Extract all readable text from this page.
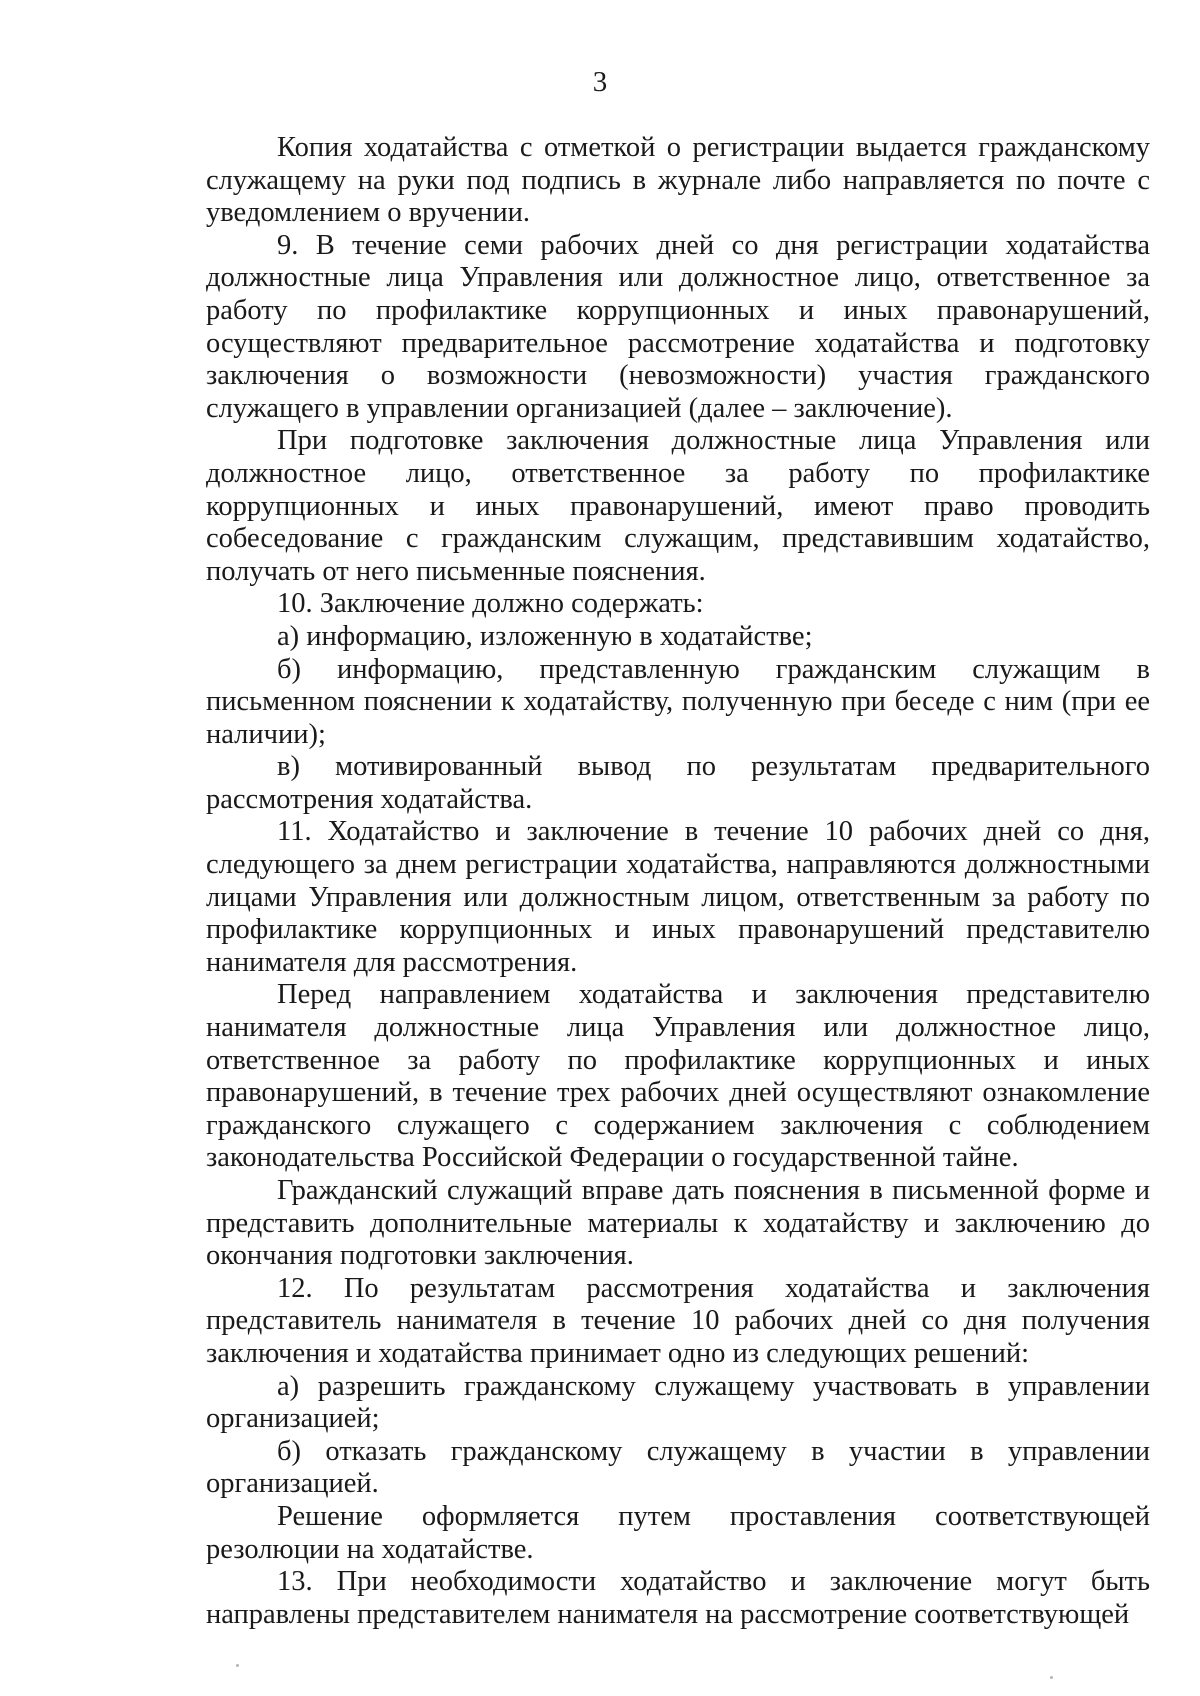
3

Копия ходатайства с отметкой о регистрации выдается гражданскому служащему на руки под подпись в журнале либо направляется по почте с уведомлением о вручении.

9. В течение семи рабочих дней со дня регистрации ходатайства должностные лица Управления или должностное лицо, ответственное за работу по профилактике коррупционных и иных правонарушений, осуществляют предварительное рассмотрение ходатайства и подготовку заключения о возможности (невозможности) участия гражданского служащего в управлении организацией (далее – заключение).

При подготовке заключения должностные лица Управления или должностное лицо, ответственное за работу по профилактике коррупционных и иных правонарушений, имеют право проводить собеседование с гражданским служащим, представившим ходатайство, получать от него письменные пояснения.

10. Заключение должно содержать:

а) информацию, изложенную в ходатайстве;

б) информацию, представленную гражданским служащим в письменном пояснении к ходатайству, полученную при беседе с ним (при ее наличии);

в) мотивированный вывод по результатам предварительного рассмотрения ходатайства.

11. Ходатайство и заключение в течение 10 рабочих дней со дня, следующего за днем регистрации ходатайства, направляются должностными лицами Управления или должностным лицом, ответственным за работу по профилактике коррупционных и иных правонарушений представителю нанимателя для рассмотрения.

Перед направлением ходатайства и заключения представителю нанимателя должностные лица Управления или должностное лицо, ответственное за работу по профилактике коррупционных и иных правонарушений, в течение трех рабочих дней осуществляют ознакомление гражданского служащего с содержанием заключения с соблюдением законодательства Российской Федерации о государственной тайне.

Гражданский служащий вправе дать пояснения в письменной форме и представить дополнительные материалы к ходатайству и заключению до окончания подготовки заключения.

12. По результатам рассмотрения ходатайства и заключения представитель нанимателя в течение 10 рабочих дней со дня получения заключения и ходатайства принимает одно из следующих решений:

а) разрешить гражданскому служащему участвовать в управлении организацией;

б) отказать гражданскому служащему в участии в управлении организацией.

Решение оформляется путем проставления соответствующей резолюции на ходатайстве.

13. При необходимости ходатайство и заключение могут быть направлены представителем нанимателя на рассмотрение соответствующей
